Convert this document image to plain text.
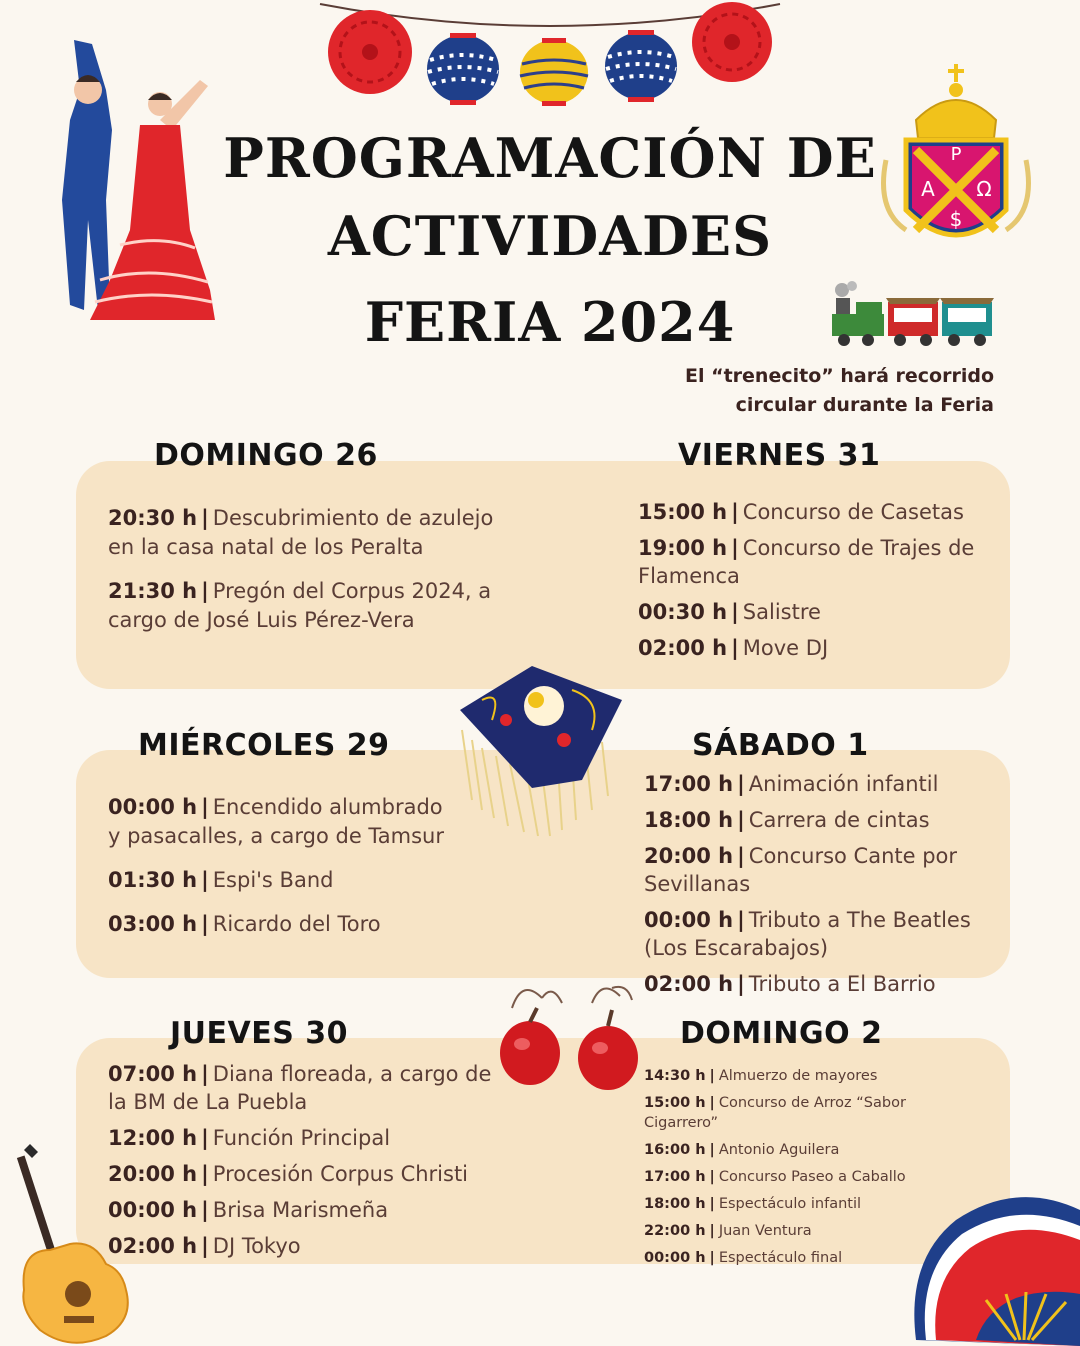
P
A Ω
$
PROGRAMACIÓN DE
ACTIVIDADES
FERIA 2024
El “trenecito” hará recorrido
circular durante la Feria
DOMINGO 26	VIERNES 31
MIÉRCOLES 29	SÁBADO 1
JUEVES 30	DOMINGO 2
20:30 h | Descubrimiento de azulejo en la casa natal de los Peralta
21:30 h | Pregón del Corpus 2024, a cargo de José Luis Pérez-Vera
15:00 h | Concurso de Casetas
19:00 h | Concurso de Trajes de Flamenca
00:30 h | Salistre
02:00 h | Move DJ
00:00 h | Encendido alumbrado y pasacalles, a cargo de Tamsur
01:30 h | Espi's Band
03:00 h | Ricardo del Toro
17:00 h | Animación infantil
18:00 h | Carrera de cintas
20:00 h | Concurso Cante por Sevillanas
00:00 h | Tributo a The Beatles (Los Escarabajos)
02:00 h | Tributo a El Barrio
07:00 h | Diana floreada, a cargo de la BM de La Puebla
12:00 h | Función Principal
20:00 h | Procesión Corpus Christi
00:00 h | Brisa Marismeña
02:00 h | DJ Tokyo
14:30 h | Almuerzo de mayores
15:00 h | Concurso de Arroz “Sabor Cigarrero”
16:00 h | Antonio Aguilera
17:00 h | Concurso Paseo a Caballo
18:00 h | Espectáculo infantil
22:00 h | Juan Ventura
00:00 h | Espectáculo final
